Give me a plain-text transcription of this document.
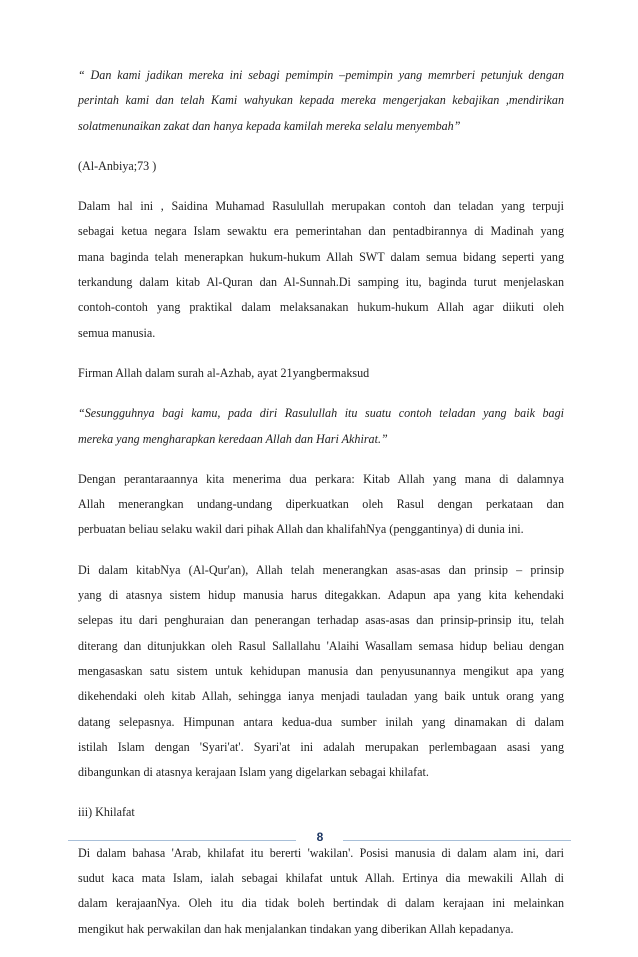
“ Dan kami jadikan mereka ini sebagi pemimpin –pemimpin yang memrberi petunjuk dengan
perintah kami dan telah Kami wahyukan kepada mereka mengerjakan kebajikan ,mendirikan
solatmenunaikan zakat dan hanya kepada kamilah mereka selalu menyembah”

(Al-Anbiya;73 )

Dalam hal ini , Saidina Muhamad Rasulullah merupakan contoh dan teladan yang terpuji
sebagai ketua negara Islam sewaktu era pemerintahan dan pentadbirannya di Madinah yang
mana baginda telah menerapkan hukum-hukum Allah SWT dalam semua bidang seperti yang
terkandung dalam kitab Al-Quran dan Al-Sunnah.Di samping itu, baginda turut menjelaskan
contoh-contoh yang praktikal dalam melaksanakan hukum-hukum Allah agar diikuti oleh
semua manusia.

Firman Allah dalam surah al-Azhab, ayat 21yangbermaksud

“Sesungguhnya bagi kamu, pada diri Rasulullah itu suatu contoh teladan yang baik bagi
mereka yang mengharapkan keredaan Allah dan Hari Akhirat.”

Dengan perantaraannya kita menerima dua perkara: Kitab Allah yang mana di dalamnya
Allah menerangkan undang-undang diperkuatkan oleh Rasul dengan perkataan dan
perbuatan beliau selaku wakil dari pihak Allah dan khalifahNya (penggantinya) di dunia ini.

Di dalam kitabNya (Al-Qur'an), Allah telah menerangkan asas-asas dan prinsip – prinsip
yang di atasnya sistem hidup manusia harus ditegakkan. Adapun apa yang kita kehendaki
selepas itu dari penghuraian dan penerangan terhadap asas-asas dan prinsip-prinsip itu, telah
diterang dan ditunjukkan oleh Rasul Sallallahu 'Alaihi Wasallam semasa hidup beliau dengan
mengasaskan satu sistem untuk kehidupan manusia dan penyusunannya mengikut apa yang
dikehendaki oleh kitab Allah, sehingga ianya menjadi tauladan yang baik untuk orang yang
datang selepasnya. Himpunan antara kedua-dua sumber inilah yang dinamakan di dalam
istilah Islam dengan 'Syari'at'. Syari'at ini adalah merupakan perlembagaan asasi yang
dibangunkan di atasnya kerajaan Islam yang digelarkan sebagai khilafat.

iii) Khilafat

Di dalam bahasa 'Arab, khilafat itu bererti 'wakilan'. Posisi manusia di dalam alam ini, dari
sudut kaca mata Islam, ialah sebagai khilafat untuk Allah. Ertinya dia mewakili Allah di
dalam kerajaanNya. Oleh itu dia tidak boleh bertindak di dalam kerajaan ini melainkan
mengikut hak perwakilan dan hak menjalankan tindakan yang diberikan Allah kepadanya.

8
